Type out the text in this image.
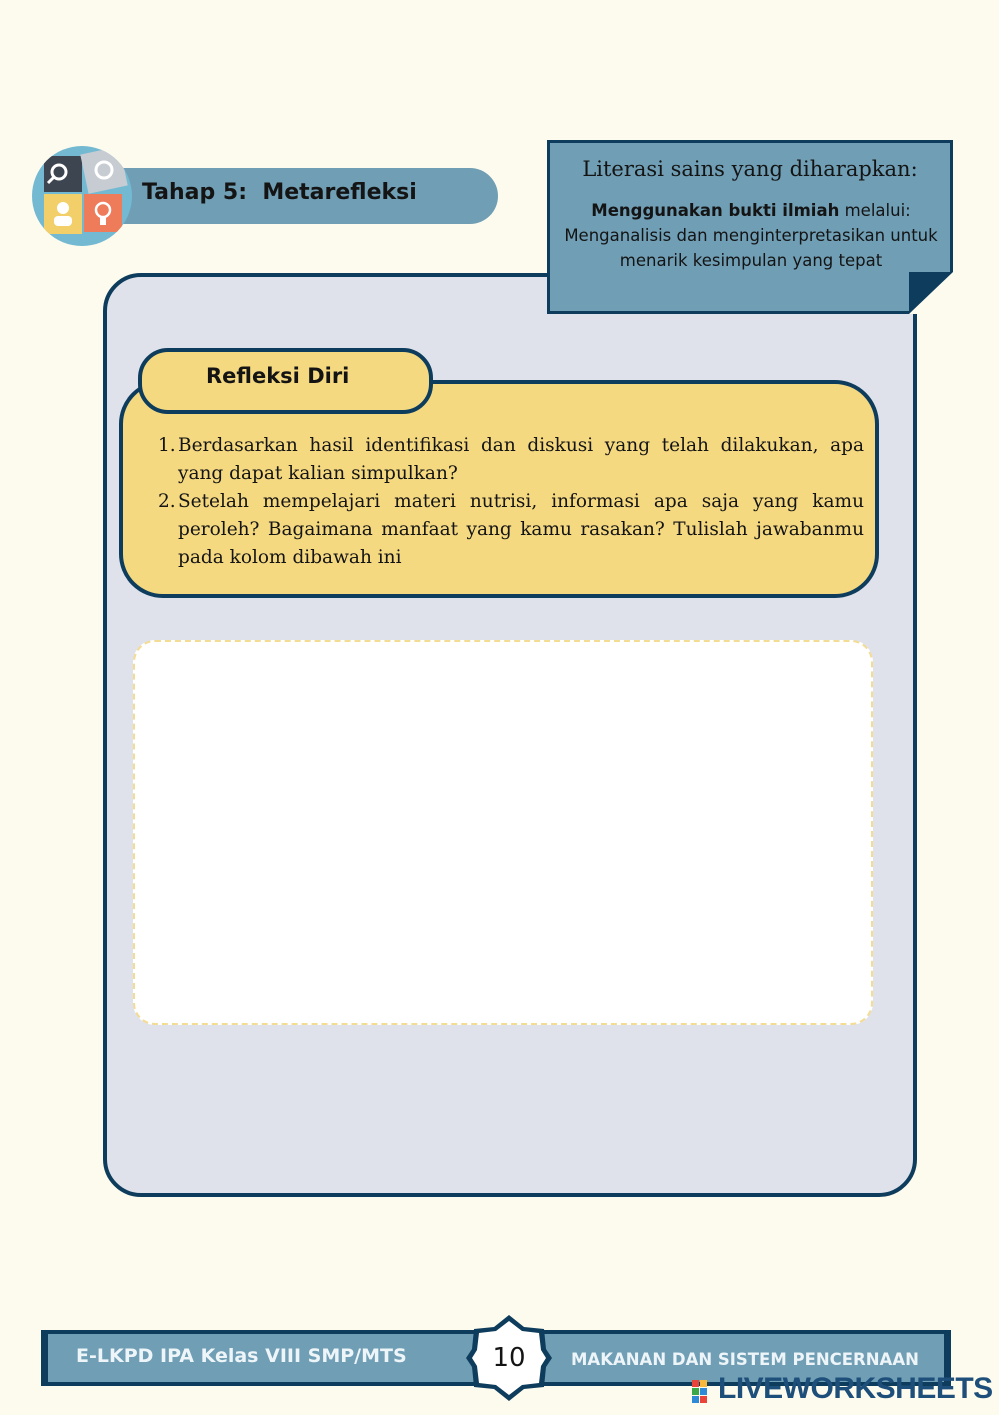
Tahap 5:  Metarefleksi
Literasi sains yang diharapkan:
Menggunakan bukti ilmiah melalui: Menganalisis dan menginterpretasikan untuk menarik kesimpulan yang tepat
Refleksi Diri
1. Berdasarkan hasil identifikasi dan diskusi yang telah dilakukan, apa yang dapat kalian simpulkan?
2. Setelah mempelajari materi nutrisi, informasi apa saja yang kamu peroleh? Bagaimana manfaat yang kamu rasakan? Tulislah jawabanmu pada kolom dibawah ini
E-LKPD IPA Kelas VIII SMP/MTS	MAKANAN DAN SISTEM PENCERNAAN
10
LIVEWORKSHEETS
